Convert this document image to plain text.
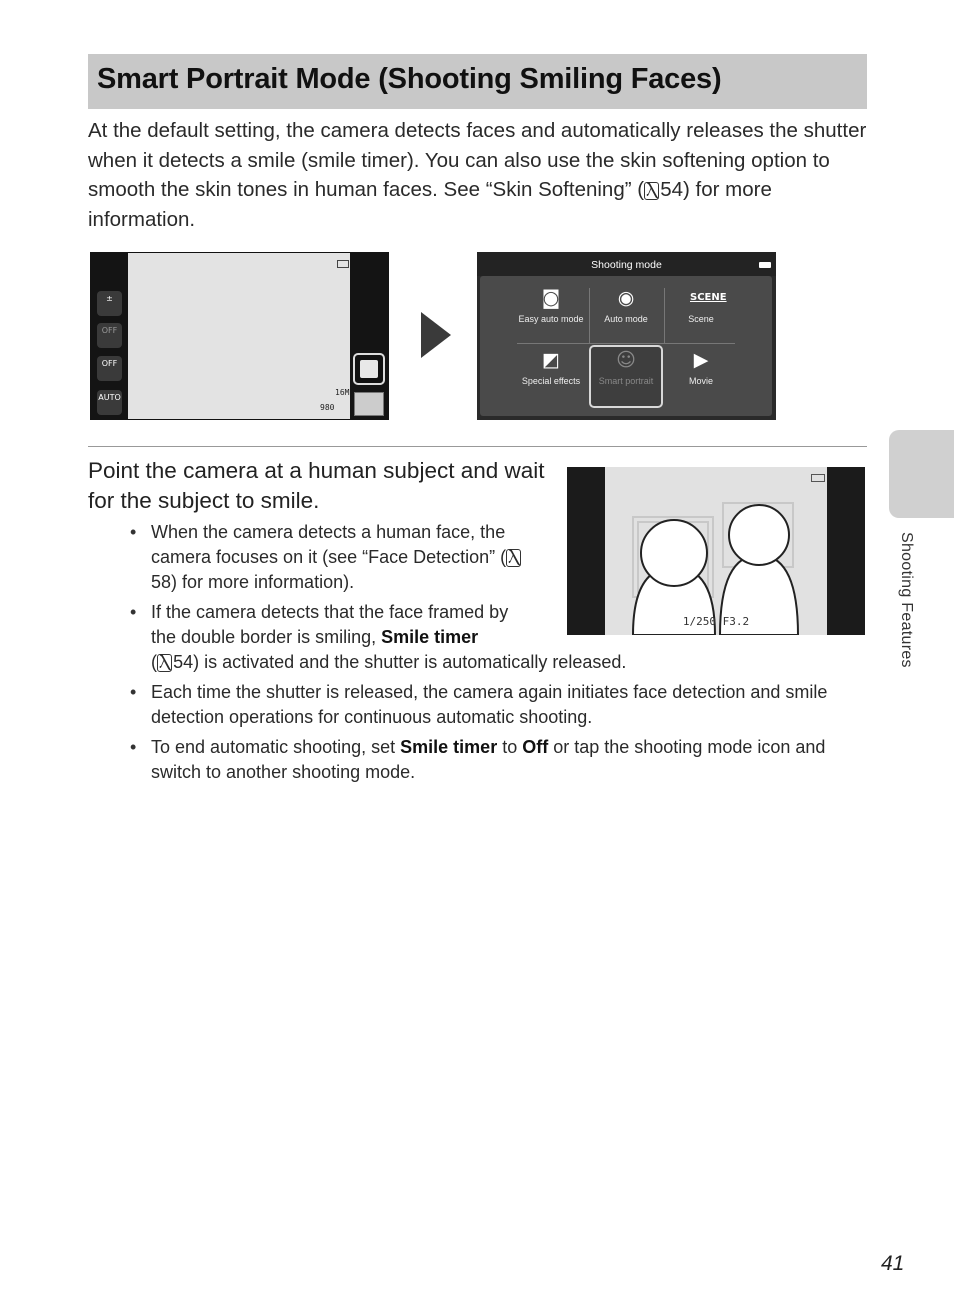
Smart Portrait Mode (Shooting Smiling Faces)

At the default setting, the camera detects faces and automatically releases the shutter when it detects a smile (smile timer). You can also use the skin softening option to smooth the skin tones in human faces. See “Skin Softening” ( Ⲗ 54) for more information.

±
OFF
OFF
AUTO
16M
980
Shooting mode
◙
Easy auto mode
◉
Auto mode
SCENE
Scene
◩
Special effects
☺
Smart portrait
▶
Movie
Point the camera at a human subject and wait for the subject to smile.
1/250 F3.2
• When the camera detects a human face, the camera focuses on it (see “Face Detection” ( Ⲗ58) for more information).
• If the camera detects that the face framed by the double border is smiling, Smile timer
( Ⲗ 54) is activated and the shutter is automatically released.
• Each time the shutter is released, the camera again initiates face detection and smile detection operations for continuous automatic shooting.
• To end automatic shooting, set Smile timer to Off or tap the shooting mode icon and switch to another shooting mode.
Shooting Features
41
